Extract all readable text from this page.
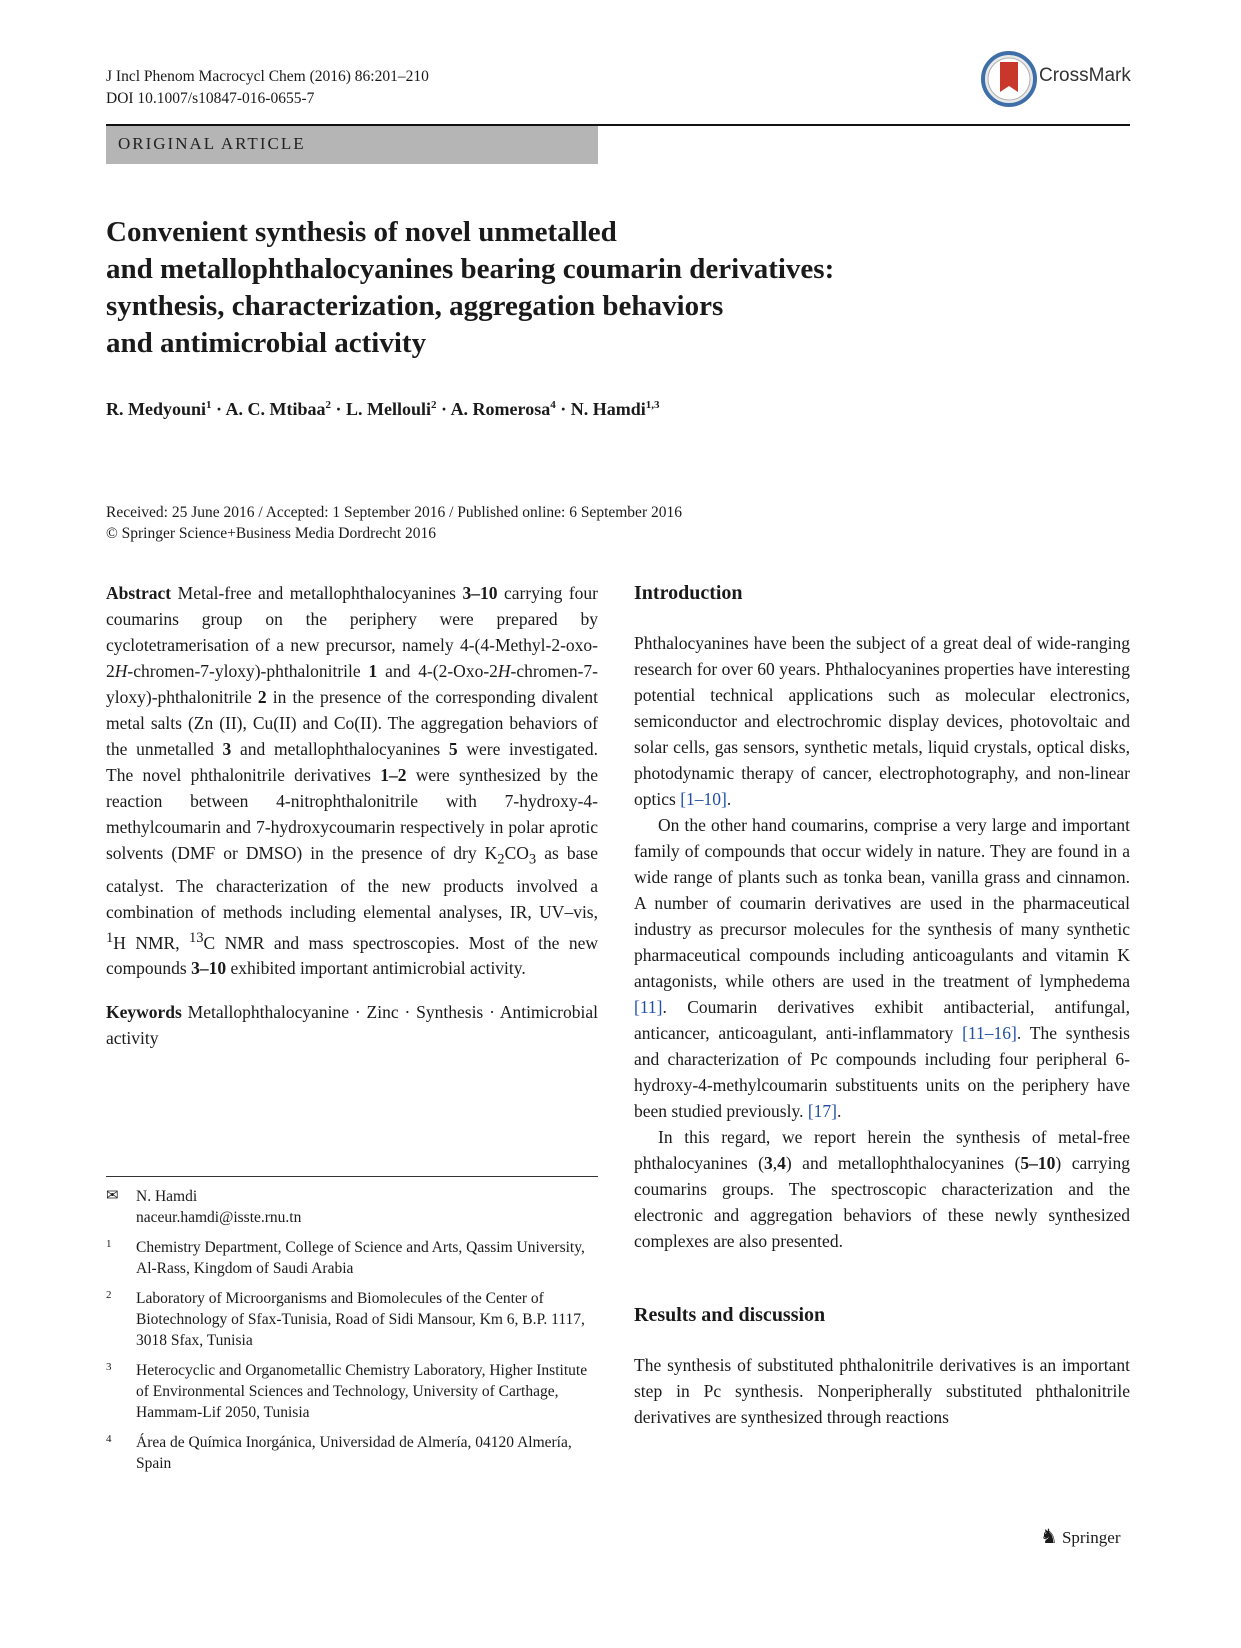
J Incl Phenom Macrocycl Chem (2016) 86:201–210
DOI 10.1007/s10847-016-0655-7
CrossMark
ORIGINAL ARTICLE
Convenient synthesis of novel unmetalled
and metallophthalocyanines bearing coumarin derivatives:
synthesis, characterization, aggregation behaviors
and antimicrobial activity
R. Medyouni$^1$ · A. C. Mtibaa$^2$ · L. Mellouli$^2$ · A. Romerosa$^4$ · N. Hamdi$^{1,3}$
Received: 25 June 2016 / Accepted: 1 September 2016 / Published online: 6 September 2016
© Springer Science+Business Media Dordrecht 2016

Abstract Metal-free and metallophthalocyanines 3–10 carrying four coumarins group on the periphery were prepared by cyclotetramerisation of a new precursor, namely 4-(4-Methyl-2-oxo-2H-chromen-7-yloxy)-phthalonitrile 1 and 4-(2-Oxo-2H-chromen-7-yloxy)-phthalonitrile 2 in the presence of the corresponding divalent metal salts (Zn (II), Cu(II) and Co(II). The aggregation behaviors of the unmetalled 3 and metallophthalocyanines 5 were investigated. The novel phthalonitrile derivatives 1–2 were synthesized by the reaction between 4-nitrophthalonitrile with 7-hydroxy-4-methylcoumarin and 7-hydroxycoumarin respectively in polar aprotic solvents (DMF or DMSO) in the presence of dry $K_2CO_3$ as base catalyst. The characterization of the new products involved a combination of methods including elemental analyses, IR, UV–vis, $^1$H NMR, $^{13}$C NMR and mass spectroscopies. Most of the new compounds 3–10 exhibited important antimicrobial activity.

Keywords Metallophthalocyanine · Zinc · Synthesis · Antimicrobial activity

✉ N. Hamdi
naceur.hamdi@isste.rnu.tn
1 Chemistry Department, College of Science and Arts, Qassim University, Al-Rass, Kingdom of Saudi Arabia
2 Laboratory of Microorganisms and Biomolecules of the Center of Biotechnology of Sfax-Tunisia, Road of Sidi Mansour, Km 6, B.P. 1117, 3018 Sfax, Tunisia
3 Heterocyclic and Organometallic Chemistry Laboratory, Higher Institute of Environmental Sciences and Technology, University of Carthage, Hammam-Lif 2050, Tunisia
4 Área de Química Inorgánica, Universidad de Almería, 04120 Almería, Spain
Introduction

Phthalocyanines have been the subject of a great deal of wide-ranging research for over 60 years. Phthalocyanines properties have interesting potential technical applications such as molecular electronics, semiconductor and electrochromic display devices, photovoltaic and solar cells, gas sensors, synthetic metals, liquid crystals, optical disks, photodynamic therapy of cancer, electrophotography, and non-linear optics [1–10].

On the other hand coumarins, comprise a very large and important family of compounds that occur widely in nature. They are found in a wide range of plants such as tonka bean, vanilla grass and cinnamon. A number of coumarin derivatives are used in the pharmaceutical industry as precursor molecules for the synthesis of many synthetic pharmaceutical compounds including anticoagulants and vitamin K antagonists, while others are used in the treatment of lymphedema [11]. Coumarin derivatives exhibit antibacterial, antifungal, anticancer, anticoagulant, anti-inflammatory [11–16]. The synthesis and characterization of Pc compounds including four peripheral 6-hydroxy-4-methylcoumarin substituents units on the periphery have been studied previously. [17].

In this regard, we report herein the synthesis of metal-free phthalocyanines (3,4) and metallophthalocyanines (5–10) carrying coumarins groups. The spectroscopic characterization and the electronic and aggregation behaviors of these newly synthesized complexes are also presented.

Results and discussion

The synthesis of substituted phthalonitrile derivatives is an important step in Pc synthesis. Nonperipherally substituted phthalonitrile derivatives are synthesized through reactions

♞ Springer
